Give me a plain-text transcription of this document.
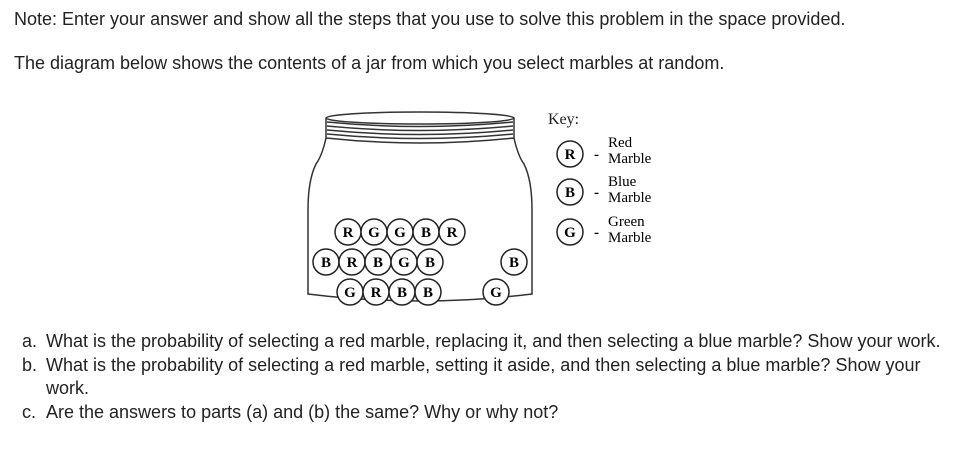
Note: Enter your answer and show all the steps that you use to solve this problem in the space provided.
The diagram below shows the contents of a jar from which you select marbles at random.
R G G B R
B R B G B	B
G R B B	G
Key:
R -
Red
Marble
B -
Blue
Marble
G -
Green
Marble
a. What is the probability of selecting a red marble, replacing it, and then selecting a blue marble? Show your work.
b. What is the probability of selecting a red marble, setting it aside, and then selecting a blue marble? Show your work.
c. Are the answers to parts (a) and (b) the same? Why or why not?
